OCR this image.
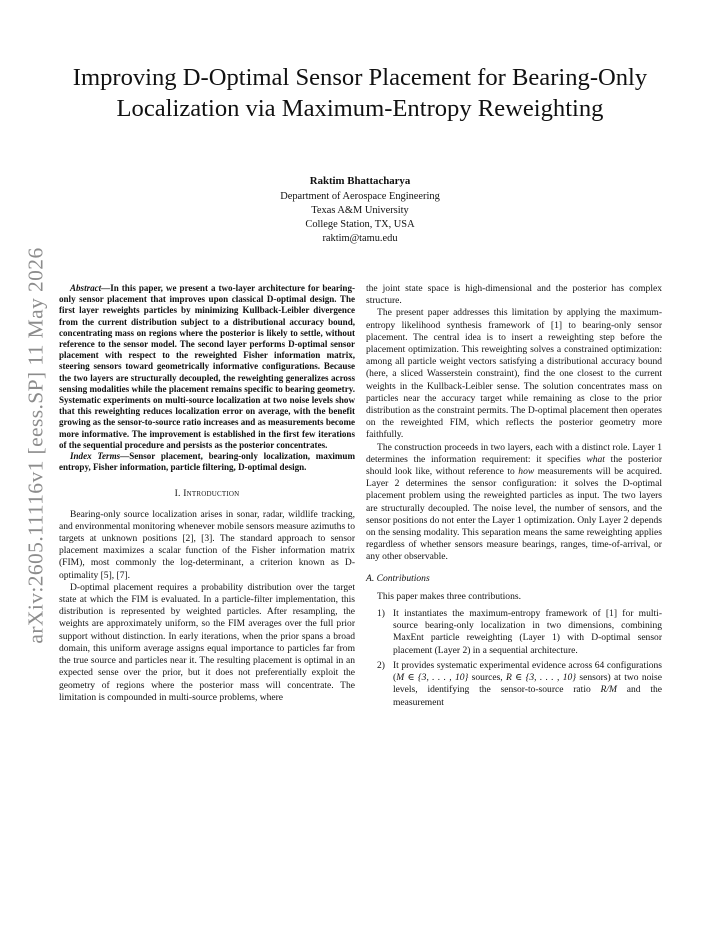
arXiv:2605.11116v1 [eess.SP] 11 May 2026
Improving D-Optimal Sensor Placement for Bearing-Only Localization via Maximum-Entropy Reweighting
Raktim Bhattacharya
Department of Aerospace Engineering
Texas A&M University
College Station, TX, USA
raktim@tamu.edu

Abstract—In this paper, we present a two-layer architecture for bearing-only sensor placement that improves upon classical D-optimal design. The first layer reweights particles by minimizing Kullback-Leibler divergence from the current distribution subject to a distributional accuracy bound, concentrating mass on regions where the posterior is likely to settle, without reference to the sensor model. The second layer performs D-optimal sensor placement with respect to the reweighted Fisher information matrix, steering sensors toward geometrically informative configurations. Because the two layers are structurally decoupled, the reweighting generalizes across sensing modalities while the placement remains specific to bearing geometry. Systematic experiments on multi-source localization at two noise levels show that this reweighting reduces localization error on average, with the benefit growing as the sensor-to-source ratio increases and as measurements become more informative. The improvement is established in the first few iterations of the sequential procedure and persists as the posterior concentrates.

Index Terms—Sensor placement, bearing-only localization, maximum entropy, Fisher information, particle filtering, D-optimal design.

I. Introduction

Bearing-only source localization arises in sonar, radar, wildlife tracking, and environmental monitoring whenever mobile sensors measure azimuths to targets at unknown positions [2], [3]. The standard approach to sensor placement maximizes a scalar function of the Fisher information matrix (FIM), most commonly the log-determinant, a criterion known as D-optimality [5], [7].

D-optimal placement requires a probability distribution over the target state at which the FIM is evaluated. In a particle-filter implementation, this distribution is represented by weighted particles. After resampling, the weights are approximately uniform, so the FIM averages over the full prior support without distinction. In early iterations, when the prior spans a broad domain, this uniform average assigns equal importance to particles far from the true source and particles near it. The resulting placement is optimal in an expected sense over the prior, but it does not preferentially exploit the geometry of regions where the posterior mass will concentrate. The limitation is compounded in multi-source problems, where

the joint state space is high-dimensional and the posterior has complex structure.

The present paper addresses this limitation by applying the maximum-entropy likelihood synthesis framework of [1] to bearing-only sensor placement. The central idea is to insert a reweighting step before the placement optimization. This reweighting solves a constrained optimization: among all particle weight vectors satisfying a distributional accuracy bound (here, a sliced Wasserstein constraint), find the one closest to the current weights in the Kullback-Leibler sense. The solution concentrates mass on particles near the accuracy target while remaining as close to the prior distribution as the constraint permits. The D-optimal placement then operates on the reweighted FIM, which reflects the posterior geometry more faithfully.

The construction proceeds in two layers, each with a distinct role. Layer 1 determines the information requirement: it specifies what the posterior should look like, without reference to how measurements will be acquired. Layer 2 determines the sensor configuration: it solves the D-optimal placement problem using the reweighted particles as input. The two layers are structurally decoupled. The noise level, the number of sensors, and the sensor positions do not enter the Layer 1 optimization. Only Layer 2 depends on the sensing modality. This separation means the same reweighting applies regardless of whether sensors measure bearings, ranges, time-of-arrival, or any other observable.

A. Contributions

This paper makes three contributions.

1) It instantiates the maximum-entropy framework of [1] for multi-source bearing-only localization in two dimensions, combining MaxEnt particle reweighting (Layer 1) with D-optimal sensor placement (Layer 2) in a sequential architecture.
2) It provides systematic experimental evidence across 64 configurations (M ∈ {3, . . . , 10} sources, R ∈ {3, . . . , 10} sensors) at two noise levels, identifying the sensor-to-source ratio R/M and the measurement
